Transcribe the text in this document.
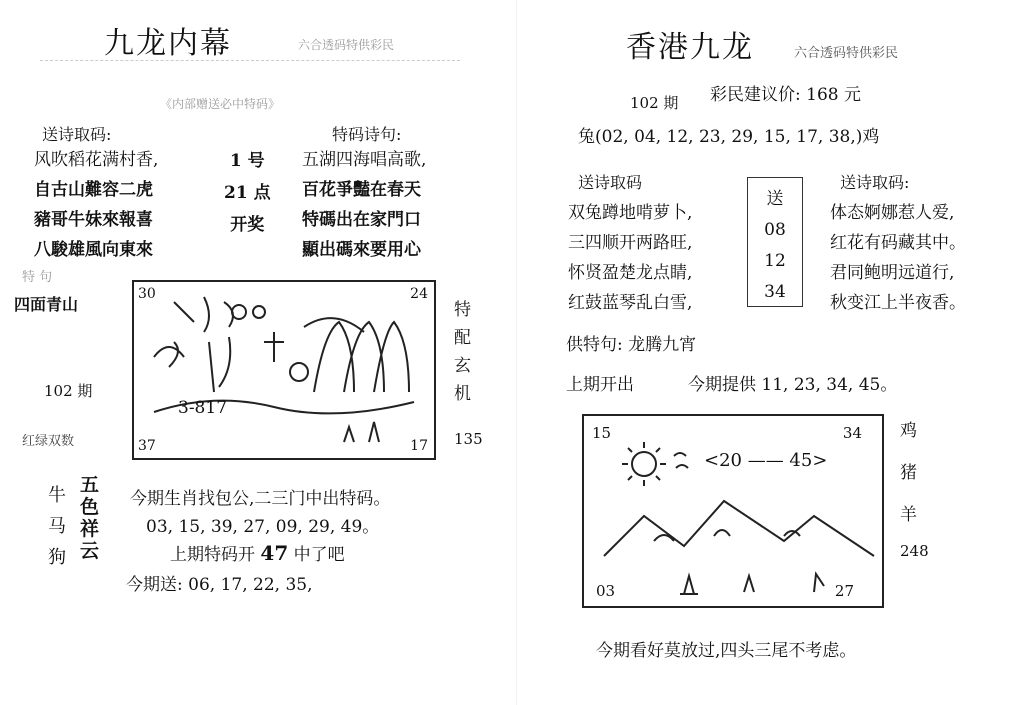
九龙内幕	六合透码特供彩民
《内部赠送必中特码》
送诗取码:	特码诗句:
风吹稻花满村香,
自古山難容二虎
豬哥牛妹來報喜
八駿雄風向東來
1 号
21 点
开奖
五湖四海唱高歌,
百花爭豔在春天
特碼出在家門口
顯出碼來要用心
特 句
四面青山
102 期
红绿双数
30	24
37	17
3-817
特
配
玄
机
135
牛
马
狗
五
色
祥
云
今期生肖找包公,二三门中出特码。
03, 15, 39, 27, 09, 29, 49。
上期特码开 47 中了吧
今期送: 06, 17, 22, 35,
香港九龙	六合透码特供彩民
102 期 彩民建议价: 168 元
兔(02, 04, 12, 23, 29, 15, 17, 38,)鸡
送诗取码	送诗取码:
双兔蹲地啃萝卜,
三四顺开两路旺,
怀贤盈楚龙点睛,
红鼓蓝琴乱白雪,
送
08
12
34
体态婀娜惹人爱,
红花有码藏其中。
君同鲍明远道行,
秋变江上半夜香。
供特句: 龙腾九宵
上期开出	今期提供 11, 23, 34, 45。
15	34
03	27
<20 —— 45>
鸡
猪
羊
248
今期看好莫放过,四头三尾不考虑。
